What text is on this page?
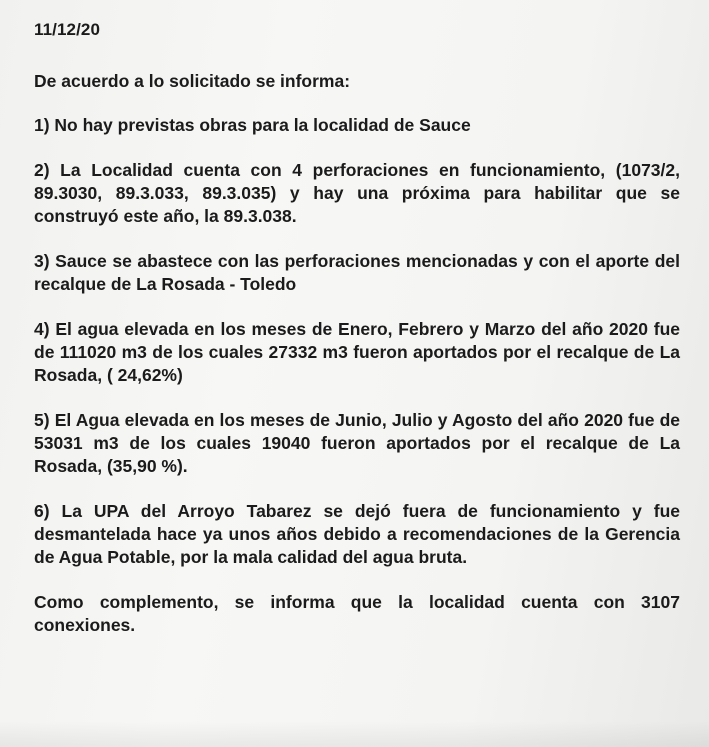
11/12/20
De acuerdo a lo solicitado se informa:
1) No hay previstas obras para la localidad de Sauce
2) La Localidad cuenta con 4 perforaciones en funcionamiento, (1073/2, 89.3030, 89.3.033, 89.3.035) y hay una próxima para habilitar que se construyó este año, la 89.3.038.
3) Sauce se abastece con las perforaciones mencionadas y con el aporte del recalque de La Rosada - Toledo
4) El agua elevada en los meses de Enero, Febrero y Marzo del año 2020 fue de 111020 m3 de los cuales 27332 m3 fueron aportados por el recalque de La Rosada, ( 24,62%)
5) El Agua elevada en los meses de Junio, Julio y Agosto del año 2020 fue de 53031 m3 de los cuales 19040 fueron aportados por el recalque de La Rosada, (35,90 %).
6) La UPA del Arroyo Tabarez se dejó fuera de funcionamiento y fue desmantelada hace ya unos años debido a recomendaciones de la Gerencia de Agua Potable, por la mala calidad del agua bruta.
Como complemento, se informa que la localidad cuenta con 3107 conexiones.
